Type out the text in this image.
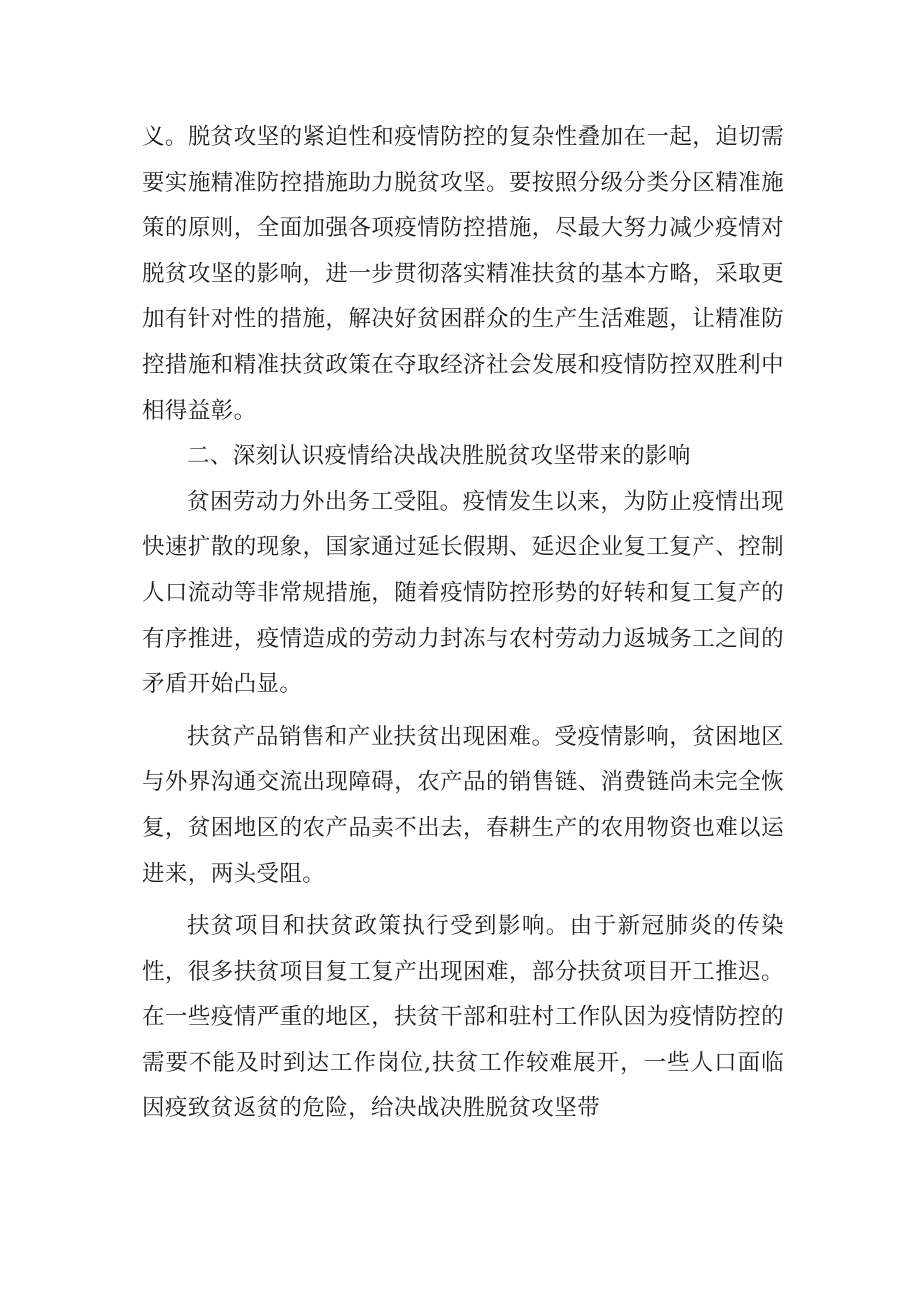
义。脱贫攻坚的紧迫性和疫情防控的复杂性叠加在一起，迫切需要实施精准防控措施助力脱贫攻坚。要按照分级分类分区精准施策的原则，全面加强各项疫情防控措施，尽最大努力减少疫情对脱贫攻坚的影响，进一步贯彻落实精准扶贫的基本方略，采取更加有针对性的措施，解决好贫困群众的生产生活难题，让精准防控措施和精准扶贫政策在夺取经济社会发展和疫情防控双胜利中相得益彰。

二、深刻认识疫情给决战决胜脱贫攻坚带来的影响

贫困劳动力外出务工受阻。疫情发生以来，为防止疫情出现快速扩散的现象，国家通过延长假期、延迟企业复工复产、控制人口流动等非常规措施，随着疫情防控形势的好转和复工复产的有序推进，疫情造成的劳动力封冻与农村劳动力返城务工之间的矛盾开始凸显。

扶贫产品销售和产业扶贫出现困难。受疫情影响，贫困地区与外界沟通交流出现障碍，农产品的销售链、消费链尚未完全恢复，贫困地区的农产品卖不出去，春耕生产的农用物资也难以运进来，两头受阻。

扶贫项目和扶贫政策执行受到影响。由于新冠肺炎的传染性，很多扶贫项目复工复产出现困难，部分扶贫项目开工推迟。在一些疫情严重的地区，扶贫干部和驻村工作队因为疫情防控的需要不能及时到达工作岗位,扶贫工作较难展开，一些人口面临因疫致贫返贫的危险，给决战决胜脱贫攻坚带
